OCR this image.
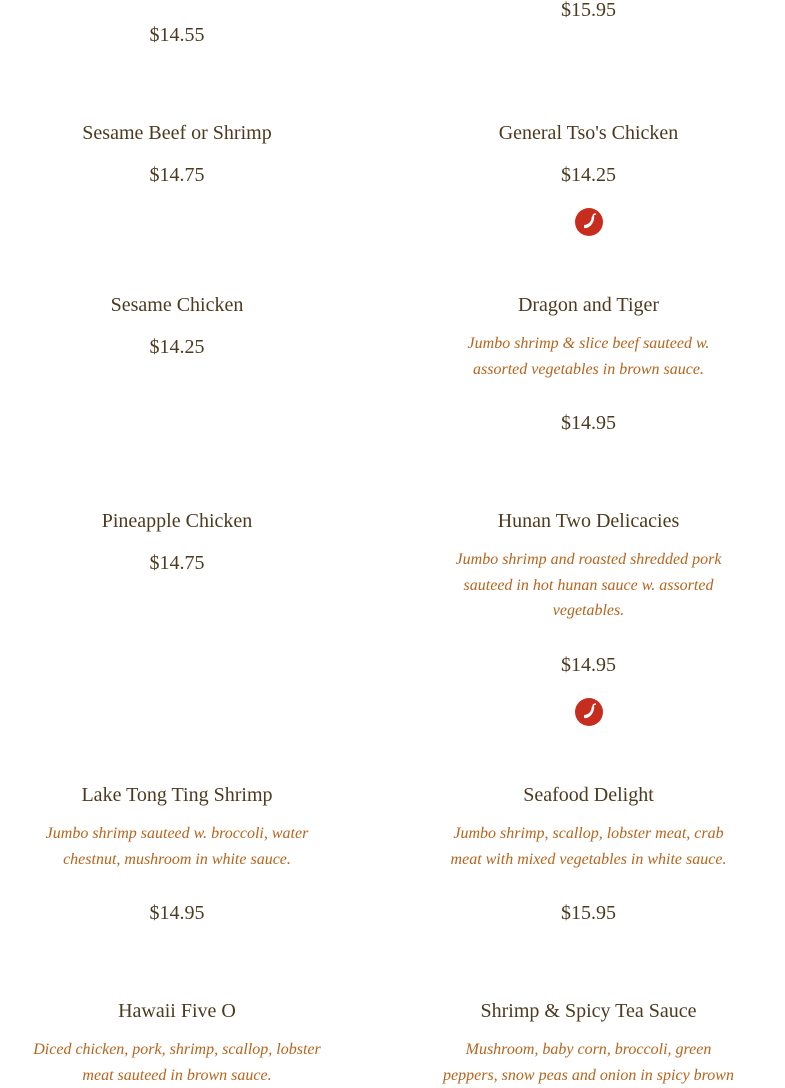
$14.55
$15.95
Sesame Beef or Shrimp
$14.75
General Tso's Chicken
$14.25
Sesame Chicken
$14.25
Dragon and Tiger
Jumbo shrimp & slice beef sauteed w. assorted vegetables in brown sauce.
$14.95
Pineapple Chicken
$14.75
Hunan Two Delicacies
Jumbo shrimp and roasted shredded pork sauteed in hot hunan sauce w. assorted vegetables.
$14.95
Lake Tong Ting Shrimp
Jumbo shrimp sauteed w. broccoli, water chestnut, mushroom in white sauce.
$14.95
Seafood Delight
Jumbo shrimp, scallop, lobster meat, crab meat with mixed vegetables in white sauce.
$15.95
Hawaii Five O
Diced chicken, pork, shrimp, scallop, lobster meat sauteed in brown sauce.
Shrimp & Spicy Tea Sauce
Mushroom, baby corn, broccoli, green peppers, snow peas and onion in spicy brown
